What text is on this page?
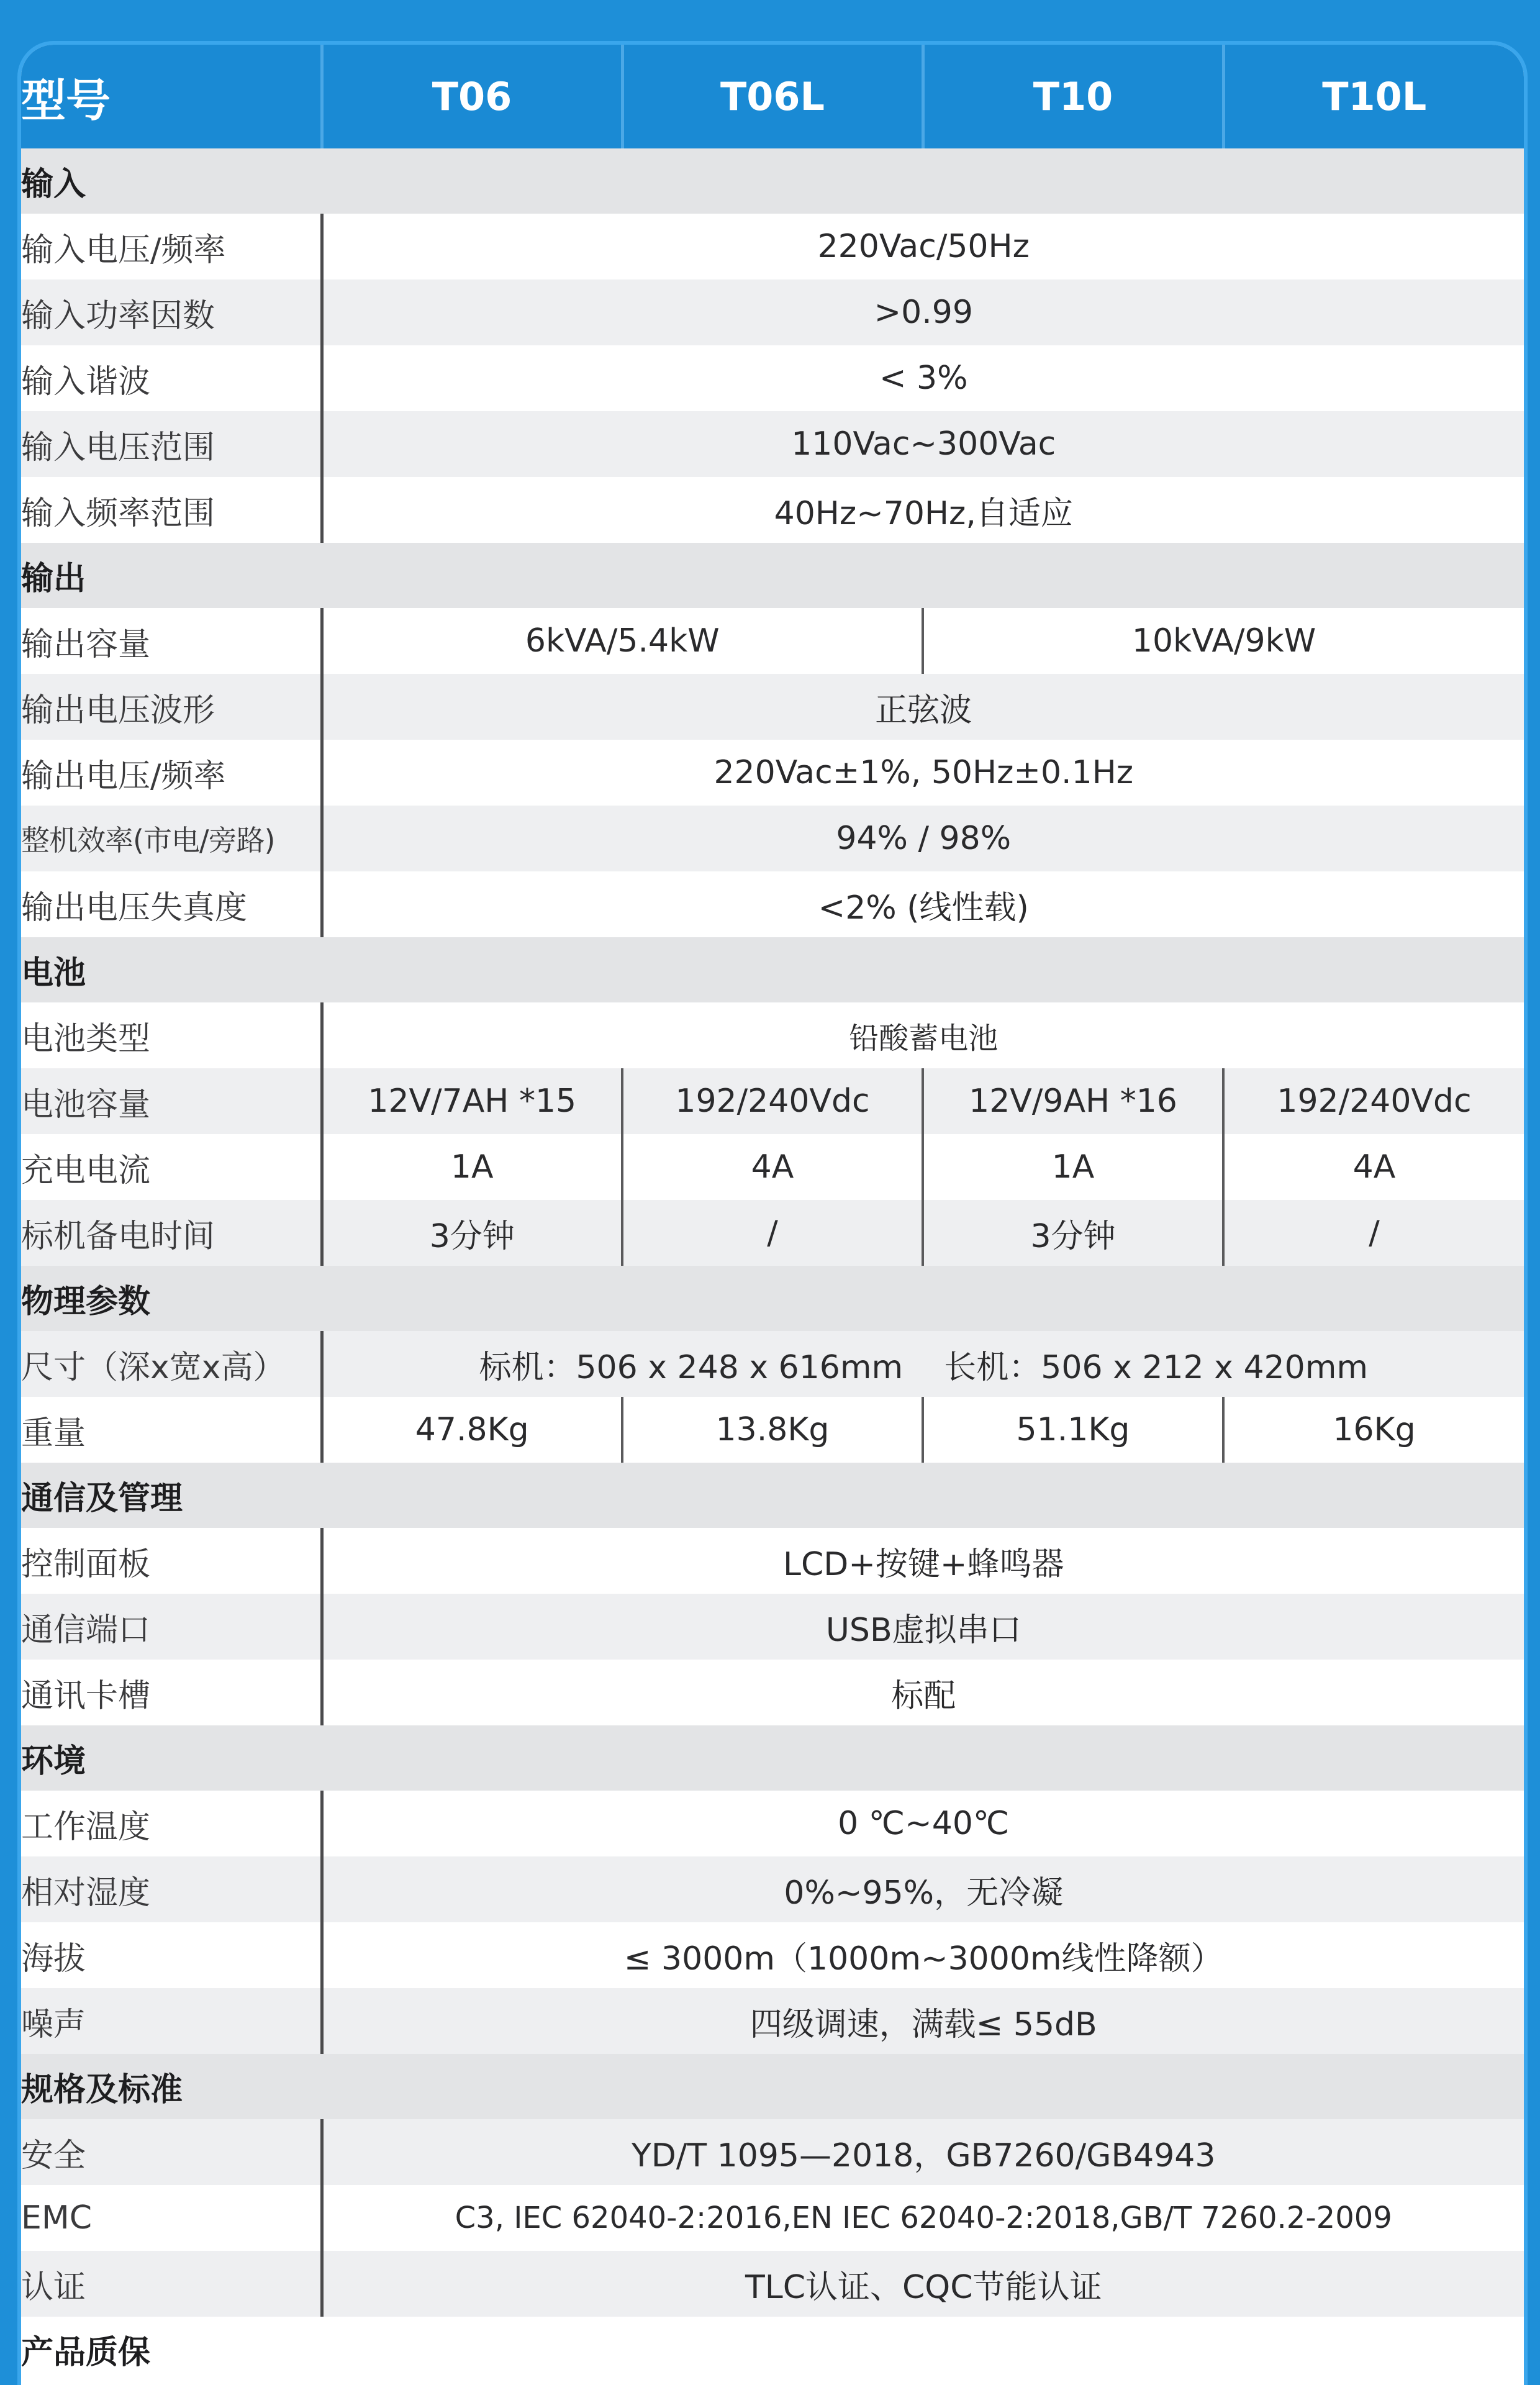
型号	T06	T06L	T10	T10L
输入				
输入电压/频率	220Vac/50Hz			
输入功率因数	>0.99			
输入谐波	< 3%			
输入电压范围	110Vac~300Vac			
输入频率范围	40Hz~70Hz,自适应			
输出				
输出容量	6kVA/5.4kW		10kVA/9kW	
输出电压波形	正弦波			
输出电压/频率	220Vac±1%, 50Hz±0.1Hz			
整机效率(市电/旁路)	94% / 98%			
输出电压失真度	<2% (线性载)			
电池				
电池类型	铅酸蓄电池			
电池容量	12V/7AH *15	192/240Vdc	12V/9AH *16	192/240Vdc
充电电流	1A	4A	1A	4A
标机备电时间	3分钟	/	3分钟	/
物理参数				
尺寸（深x宽x高）	标机：506 x 248 x 616mm    长机：506 x 212 x 420mm			
重量	47.8Kg	13.8Kg	51.1Kg	16Kg
通信及管理				
控制面板	LCD+按键+蜂鸣器			
通信端口	USB虚拟串口			
通讯卡槽	标配			
环境				
工作温度	0 ℃~40℃			
相对湿度	0%~95%，无冷凝			
海拔	≤ 3000m（1000m~3000m线性降额）			
噪声	四级调速，满载≤ 55dB			
规格及标准				
安全	YD/T 1095—2018，GB7260/GB4943			
EMC	C3, IEC 62040-2:2016,EN IEC 62040-2:2018,GB/T 7260.2-2009			
认证	TLC认证、CQC节能认证			
产品质保				
